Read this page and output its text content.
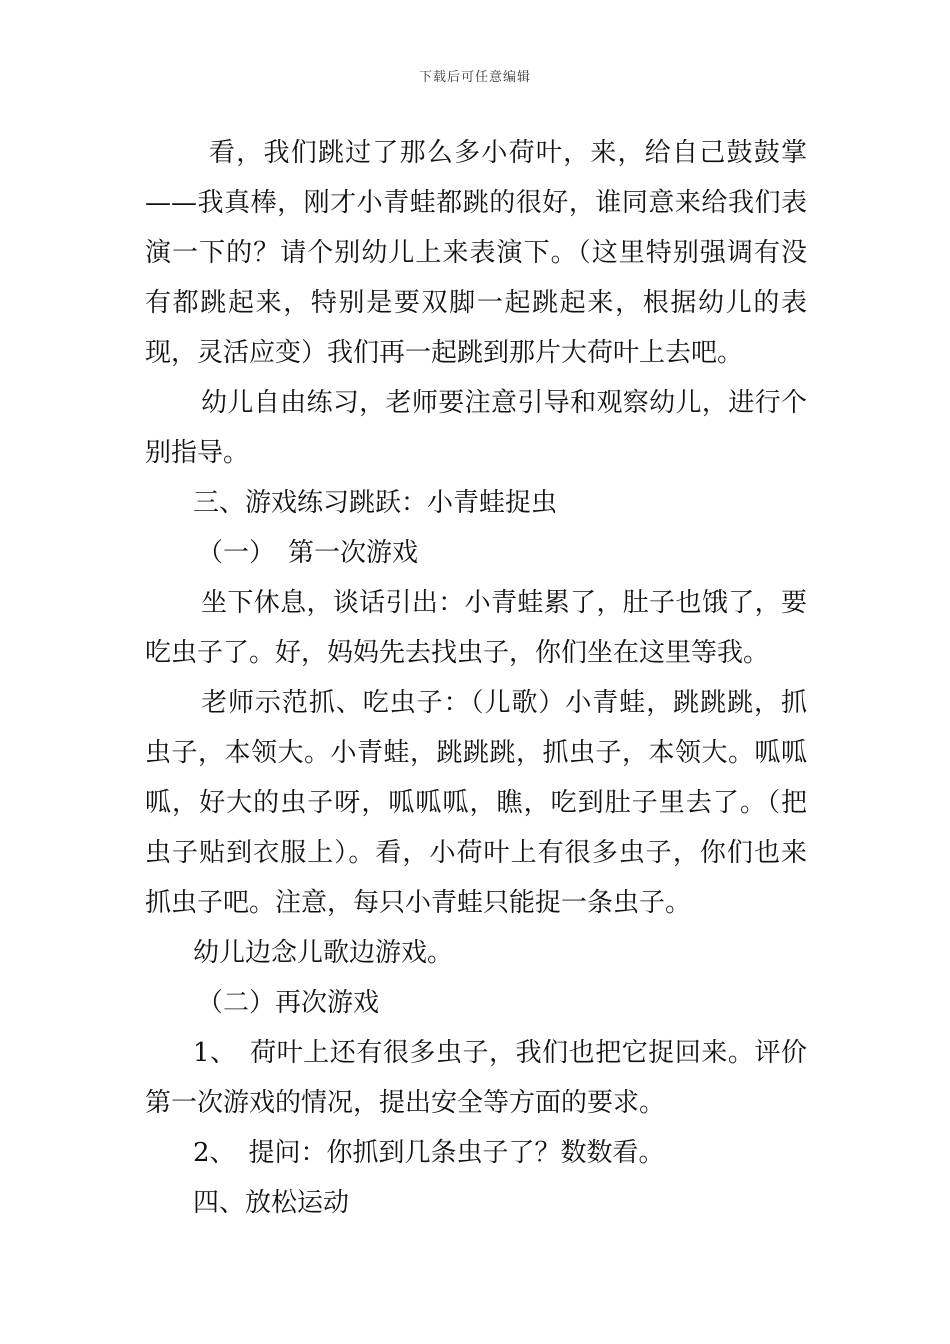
下载后可任意编辑

看，我们跳过了那么多小荷叶，来，给自己鼓鼓掌——我真棒，刚才小青蛙都跳的很好，谁同意来给我们表演一下的？请个别幼儿上来表演下。（这里特别强调有没有都跳起来，特别是要双脚一起跳起来，根据幼儿的表现，灵活应变）我们再一起跳到那片大荷叶上去吧。

幼儿自由练习，老师要注意引导和观察幼儿，进行个别指导。

三、游戏练习跳跃：小青蛙捉虫

（一）　第一次游戏

坐下休息，谈话引出：小青蛙累了，肚子也饿了，要吃虫子了。好，妈妈先去找虫子，你们坐在这里等我。

老师示范抓、吃虫子：（儿歌）小青蛙，跳跳跳，抓虫子，本领大。小青蛙，跳跳跳，抓虫子，本领大。呱呱呱，好大的虫子呀，呱呱呱，瞧，吃到肚子里去了。（把虫子贴到衣服上）。看，小荷叶上有很多虫子，你们也来抓虫子吧。注意，每只小青蛙只能捉一条虫子。

幼儿边念儿歌边游戏。

（二）再次游戏

1、　荷叶上还有很多虫子，我们也把它捉回来。评价第一次游戏的情况，提出安全等方面的要求。

2、　提问：你抓到几条虫子了？数数看。

四、放松运动
